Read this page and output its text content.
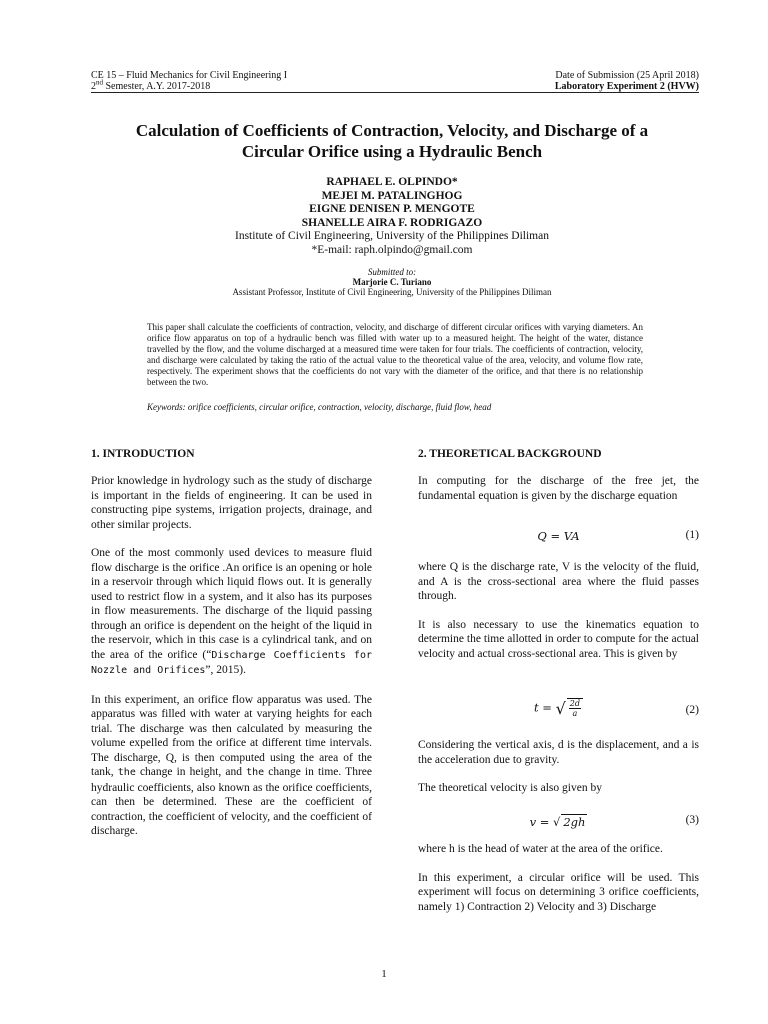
CE 15 – Fluid Mechanics for Civil Engineering I
2nd Semester, A.Y. 2017-2018
Date of Submission (25 April 2018)
Laboratory Experiment 2 (HVW)
Calculation of Coefficients of Contraction, Velocity, and Discharge of a
Circular Orifice using a Hydraulic Bench
RAPHAEL E. OLPINDO*
MEJEI M. PATALINGHOG
EIGNE DENISEN P. MENGOTE
SHANELLE AIRA F. RODRIGAZO
Institute of Civil Engineering, University of the Philippines Diliman
*E-mail: raph.olpindo@gmail.com
Submitted to:
Marjorie C. Turiano
Assistant Professor, Institute of Civil Engineering, University of the Philippines Diliman
This paper shall calculate the coefficients of contraction, velocity, and discharge of different circular orifices with varying diameters. An orifice flow apparatus on top of a hydraulic bench was filled with water up to a measured height. The height of the water, distance travelled by the flow, and the volume discharged at a measured time were taken for four trials. The coefficients of contraction, velocity, and discharge were calculated by taking the ratio of the actual value to the theoretical value of the area, velocity, and volume flow rate, respectively. The experiment shows that the coefficients do not vary with the diameter of the orifice, and that there is no relationship between the two.
Keywords: orifice coefficients, circular orifice, contraction, velocity, discharge, fluid flow, head
1. INTRODUCTION

Prior knowledge in hydrology such as the study of discharge is important in the fields of engineering. It can be used in constructing pipe systems, irrigation projects, drainage, and other similar projects.

One of the most commonly used devices to measure fluid flow discharge is the orifice .An orifice is an opening or hole in a reservoir through which liquid flows out. It is generally used to restrict flow in a system, and it also has its purposes in flow measurements. The discharge of the liquid passing through an orifice is dependent on the height of the liquid in the reservoir, which in this case is a cylindrical tank, and on the area of the orifice (“Discharge Coefficients for Nozzle and Orifices”, 2015).

In this experiment, an orifice flow apparatus was used. The apparatus was filled with water at varying heights for each trial. The discharge was then calculated by measuring the volume expelled from the orifice at different time intervals. The discharge, Q, is then computed using the area of the tank, the change in height, and the change in time. Three hydraulic coefficients, also known as the orifice coefficients, can then be determined. These are the coefficient of contraction, the coefficient of velocity, and the coefficient of discharge.

2. THEORETICAL BACKGROUND

In computing for the discharge of the free jet, the fundamental equation is given by the discharge equation

Q = VA	(1)

where Q is the discharge rate, V is the velocity of the fluid, and A is the cross-sectional area where the fluid passes through.

It is also necessary to use the kinematics equation to determine the time allotted in order to compute for the actual velocity and actual cross-sectional area. This is given by

t = √ $\frac{2d}{a}$	(2)

Considering the vertical axis, d is the displacement, and a is the acceleration due to gravity.

The theoretical velocity is also given by

v = √ 2gh	(3)

where h is the head of water at the area of the orifice.

In this experiment, a circular orifice will be used. This experiment will focus on determining 3 orifice coefficients, namely 1) Contraction 2) Velocity and 3) Discharge

1
